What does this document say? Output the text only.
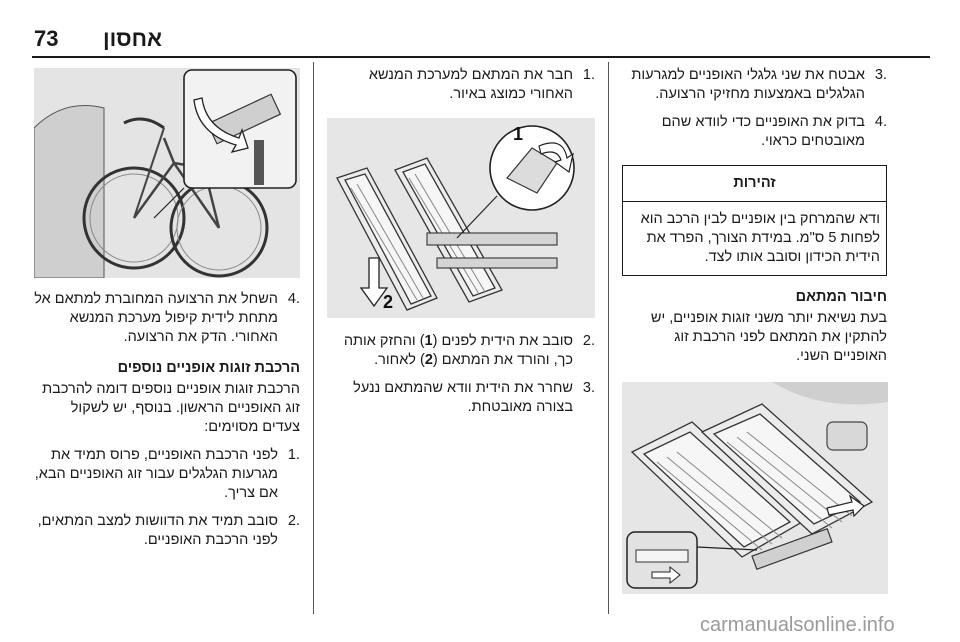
73 אחסון
.3
אבטח את שני גלגלי האופניים למגרעות הגלגלים באמצעות מחזיקי הרצועה.
.4
בדוק את האופניים כדי לוודא שהם מאובטחים כראוי.
זהירות
ודא שהמרחק בין אופניים לבין הרכב הוא לפחות 5 ס"מ. במידת הצורך, הפרד את הידית הכידון וסובב אותו לצד.
חיבור המתאם

בעת נשיאת יותר משני זוגות אופניים, יש להתקין את המתאם לפני הרכבת זוג האופניים השני.

.1
חבר את המתאם למערכת המנשא האחורי כמוצג באיור.
1
2
.2
סובב את הידית לפנים (1) והחזק אותה כך, והורד את המתאם (2) לאחור.
.3
שחרר את הידית וודא שהמתאם ננעל בצורה מאובטחת.
.4
השחל את הרצועה המחוברת למתאם אל מתחת לידית קיפול מערכת המנשא האחורי. הדק את הרצועה.
הרכבת זוגות אופניים נוספים

הרכבת זוגות אופניים נוספים דומה להרכבת זוג האופניים הראשון. בנוסף, יש לשקול צעדים מסוימים:

.1
לפני הרכבת האופניים, פרוס תמיד את מגרעות הגלגלים עבור זוג האופניים הבא, אם צריך.
.2
סובב תמיד את הדוושות למצב המתאים, לפני הרכבת האופניים.
carmanualsonline.info
